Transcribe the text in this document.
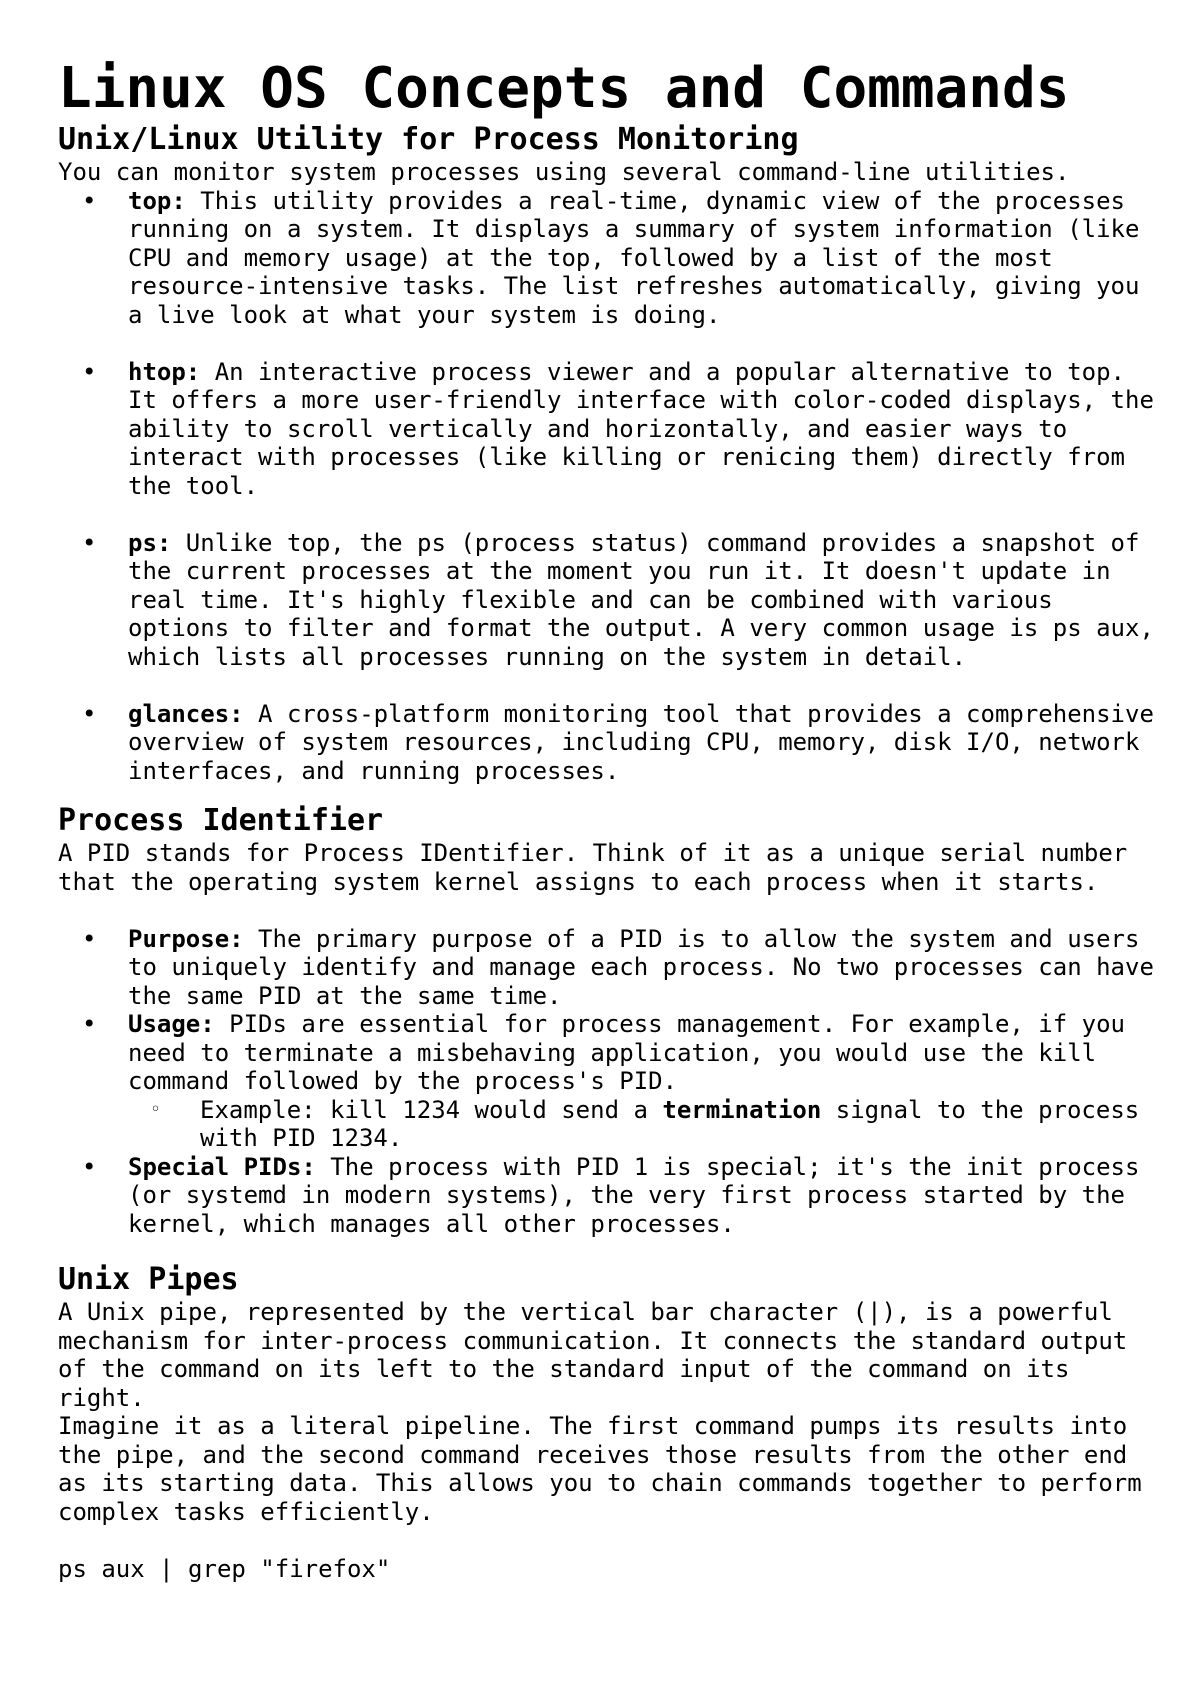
Linux OS Concepts and Commands
Unix/Linux Utility for Process Monitoring

You can monitor system processes using several command-line utilities.

• top: This utility provides a real-time, dynamic view of the processes running on a system. It displays a summary of system information (like CPU and memory usage) at the top, followed by a list of the most resource-intensive tasks. The list refreshes automatically, giving you a live look at what your system is doing.
• htop: An interactive process viewer and a popular alternative to top. It offers a more user-friendly interface with color-coded displays, the ability to scroll vertically and horizontally, and easier ways to interact with processes (like killing or renicing them) directly from the tool.
• ps: Unlike top, the ps (process status) command provides a snapshot of the current processes at the moment you run it. It doesn't update in real time. It's highly flexible and can be combined with various options to filter and format the output. A very common usage is ps aux, which lists all processes running on the system in detail.
• glances: A cross-platform monitoring tool that provides a comprehensive overview of system resources, including CPU, memory, disk I/O, network interfaces, and running processes.
Process Identifier

A PID stands for Process IDentifier. Think of it as a unique serial number that the operating system kernel assigns to each process when it starts.

• Purpose: The primary purpose of a PID is to allow the system and users to uniquely identify and manage each process. No two processes can have the same PID at the same time.
• Usage: PIDs are essential for process management. For example, if you need to terminate a misbehaving application, you would use the kill command followed by the process's PID.
◦ Example: kill 1234 would send a termination signal to the process with PID 1234.
• Special PIDs: The process with PID 1 is special; it's the init process (or systemd in modern systems), the very first process started by the kernel, which manages all other processes.
Unix Pipes

A Unix pipe, represented by the vertical bar character (|), is a powerful mechanism for inter-process communication. It connects the standard output of the command on its left to the standard input of the command on its right.

Imagine it as a literal pipeline. The first command pumps its results into the pipe, and the second command receives those results from the other end as its starting data. This allows you to chain commands together to perform complex tasks efficiently.

ps aux | grep "firefox"
